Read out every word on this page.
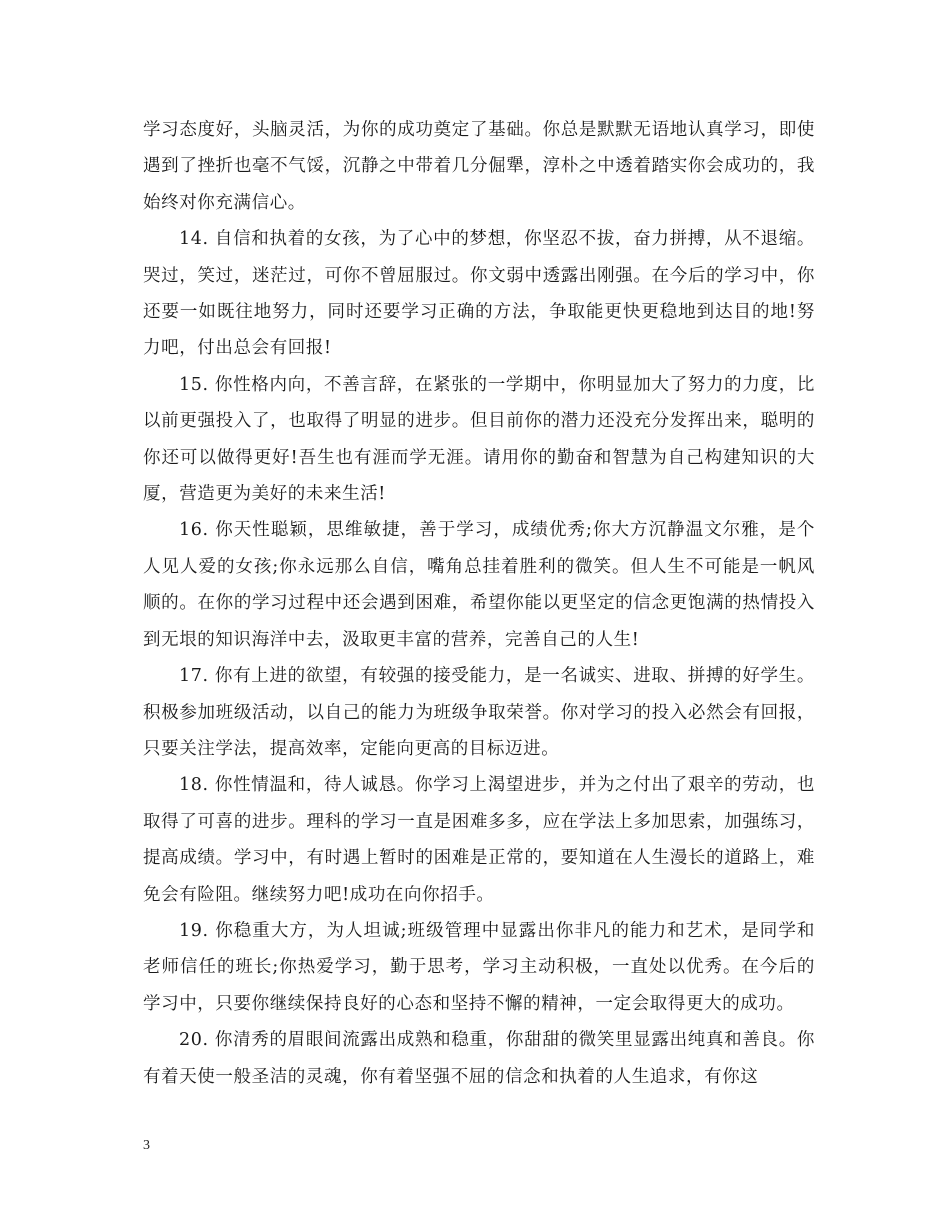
学习态度好，头脑灵活，为你的成功奠定了基础。你总是默默无语地认真学习，即使遇到了挫折也毫不气馁，沉静之中带着几分倔犟，淳朴之中透着踏实你会成功的，我始终对你充满信心。

14. 自信和执着的女孩，为了心中的梦想，你坚忍不拔，奋力拼搏，从不退缩。哭过，笑过，迷茫过，可你不曾屈服过。你文弱中透露出刚强。在今后的学习中，你还要一如既往地努力，同时还要学习正确的方法，争取能更快更稳地到达目的地!努力吧，付出总会有回报!

15. 你性格内向，不善言辞，在紧张的一学期中，你明显加大了努力的力度，比以前更强投入了，也取得了明显的进步。但目前你的潜力还没充分发挥出来，聪明的你还可以做得更好!吾生也有涯而学无涯。请用你的勤奋和智慧为自己构建知识的大厦，营造更为美好的未来生活!

16. 你天性聪颖，思维敏捷，善于学习，成绩优秀;你大方沉静温文尔雅，是个人见人爱的女孩;你永远那么自信，嘴角总挂着胜利的微笑。但人生不可能是一帆风顺的。在你的学习过程中还会遇到困难，希望你能以更坚定的信念更饱满的热情投入到无垠的知识海洋中去，汲取更丰富的营养，完善自己的人生!

17. 你有上进的欲望，有较强的接受能力，是一名诚实、进取、拼搏的好学生。积极参加班级活动，以自己的能力为班级争取荣誉。你对学习的投入必然会有回报，只要关注学法，提高效率，定能向更高的目标迈进。

18. 你性情温和，待人诚恳。你学习上渴望进步，并为之付出了艰辛的劳动，也取得了可喜的进步。理科的学习一直是困难多多，应在学法上多加思索，加强练习，提高成绩。学习中，有时遇上暂时的困难是正常的，要知道在人生漫长的道路上，难免会有险阻。继续努力吧!成功在向你招手。

19. 你稳重大方，为人坦诚;班级管理中显露出你非凡的能力和艺术，是同学和老师信任的班长;你热爱学习，勤于思考，学习主动积极，一直处以优秀。在今后的学习中，只要你继续保持良好的心态和坚持不懈的精神，一定会取得更大的成功。

20. 你清秀的眉眼间流露出成熟和稳重，你甜甜的微笑里显露出纯真和善良。你有着天使一般圣洁的灵魂，你有着坚强不屈的信念和执着的人生追求，有你这

3
